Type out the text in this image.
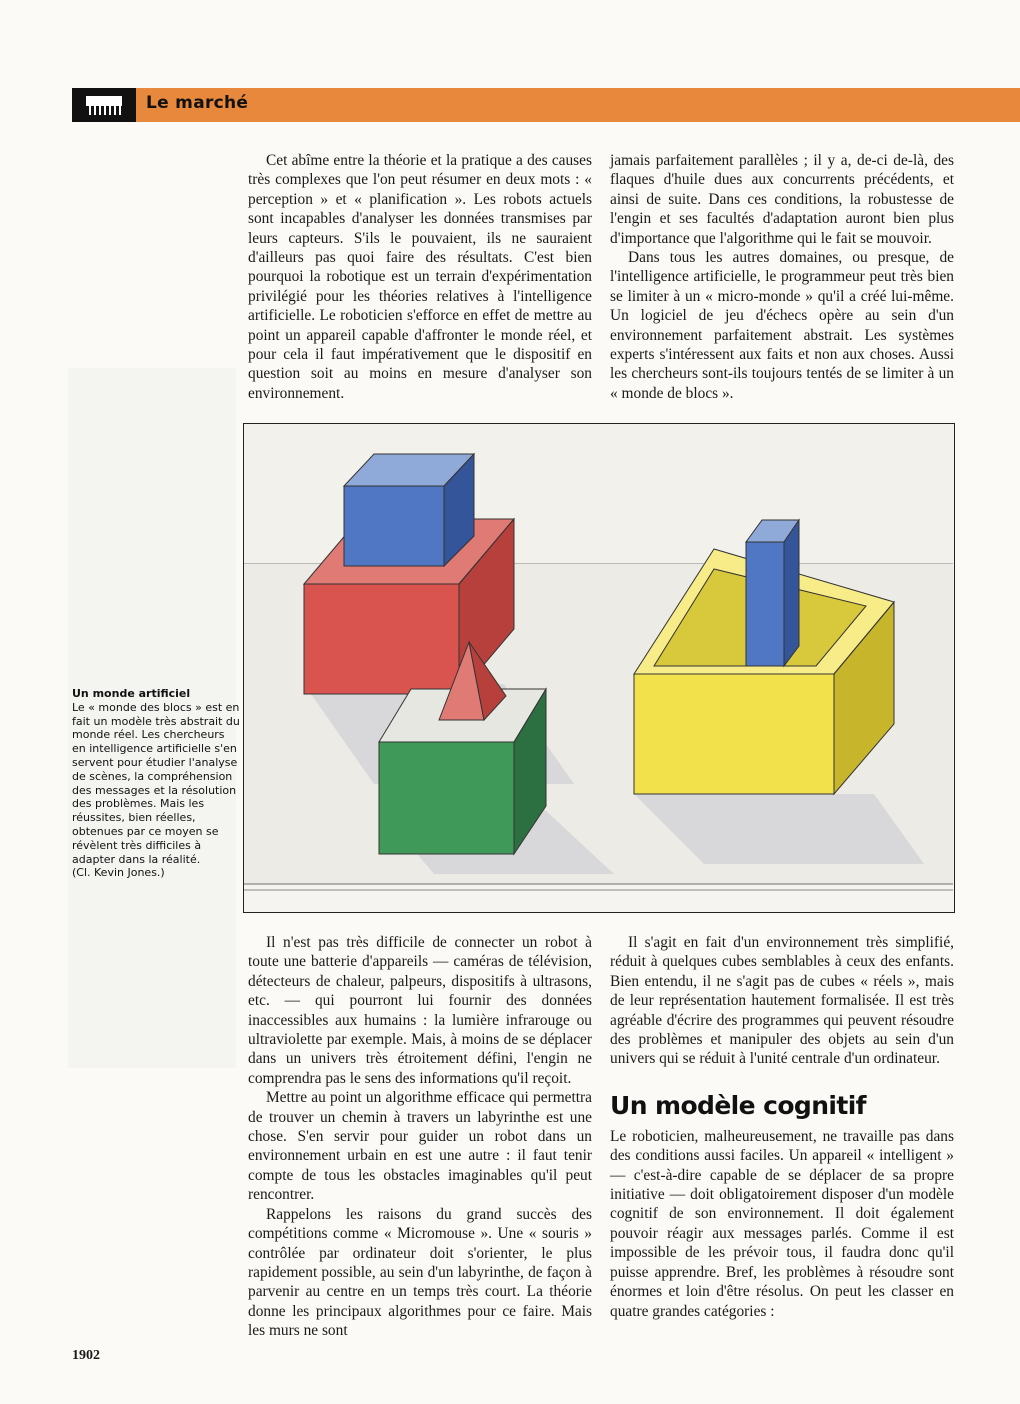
Le marché

Cet abîme entre la théorie et la pratique a des causes très complexes que l'on peut résumer en deux mots : « perception » et « planification ». Les robots actuels sont incapables d'analyser les données transmises par leurs capteurs. S'ils le pouvaient, ils ne sauraient d'ailleurs pas quoi faire des résultats. C'est bien pourquoi la robotique est un terrain d'expérimentation privilégié pour les théories relatives à l'intelligence artificielle. Le roboticien s'efforce en effet de mettre au point un appareil capable d'affronter le monde réel, et pour cela il faut impérativement que le dispositif en question soit au moins en mesure d'analyser son environnement.

jamais parfaitement parallèles ; il y a, de-ci de-là, des flaques d'huile dues aux concurrents précédents, et ainsi de suite. Dans ces conditions, la robustesse de l'engin et ses facultés d'adaptation auront bien plus d'importance que l'algorithme qui le fait se mouvoir.

Dans tous les autres domaines, ou presque, de l'intelligence artificielle, le programmeur peut très bien se limiter à un « micro-monde » qu'il a créé lui-même. Un logiciel de jeu d'échecs opère au sein d'un environnement parfaitement abstrait. Les systèmes experts s'intéressent aux faits et non aux choses. Aussi les chercheurs sont-ils toujours tentés de se limiter à un « monde de blocs ».

Un monde artificiel
Le « monde des blocs » est en fait un modèle très abstrait du monde réel. Les chercheurs en intelligence artificielle s'en servent pour étudier l'analyse de scènes, la compréhension des messages et la résolution des problèmes. Mais les réussites, bien réelles, obtenues par ce moyen se révèlent très difficiles à adapter dans la réalité.
(Cl. Kevin Jones.)

Il n'est pas très difficile de connecter un robot à toute une batterie d'appareils — caméras de télévision, détecteurs de chaleur, palpeurs, dispositifs à ultrasons, etc. — qui pourront lui fournir des données inaccessibles aux humains : la lumière infrarouge ou ultraviolette par exemple. Mais, à moins de se déplacer dans un univers très étroitement défini, l'engin ne comprendra pas le sens des informations qu'il reçoit.

Mettre au point un algorithme efficace qui permettra de trouver un chemin à travers un labyrinthe est une chose. S'en servir pour guider un robot dans un environnement urbain en est une autre : il faut tenir compte de tous les obstacles imaginables qu'il peut rencontrer.

Rappelons les raisons du grand succès des compétitions comme « Micromouse ». Une « souris » contrôlée par ordinateur doit s'orienter, le plus rapidement possible, au sein d'un labyrinthe, de façon à parvenir au centre en un temps très court. La théorie donne les principaux algorithmes pour ce faire. Mais les murs ne sont

Il s'agit en fait d'un environnement très simplifié, réduit à quelques cubes semblables à ceux des enfants. Bien entendu, il ne s'agit pas de cubes « réels », mais de leur représentation hautement formalisée. Il est très agréable d'écrire des programmes qui peuvent résoudre des problèmes et manipuler des objets au sein d'un univers qui se réduit à l'unité centrale d'un ordinateur.

Un modèle cognitif

Le roboticien, malheureusement, ne travaille pas dans des conditions aussi faciles. Un appareil « intelligent » — c'est-à-dire capable de se déplacer de sa propre initiative — doit obligatoirement disposer d'un modèle cognitif de son environnement. Il doit également pouvoir réagir aux messages parlés. Comme il est impossible de les prévoir tous, il faudra donc qu'il puisse apprendre. Bref, les problèmes à résoudre sont énormes et loin d'être résolus. On peut les classer en quatre grandes catégories :

1902
